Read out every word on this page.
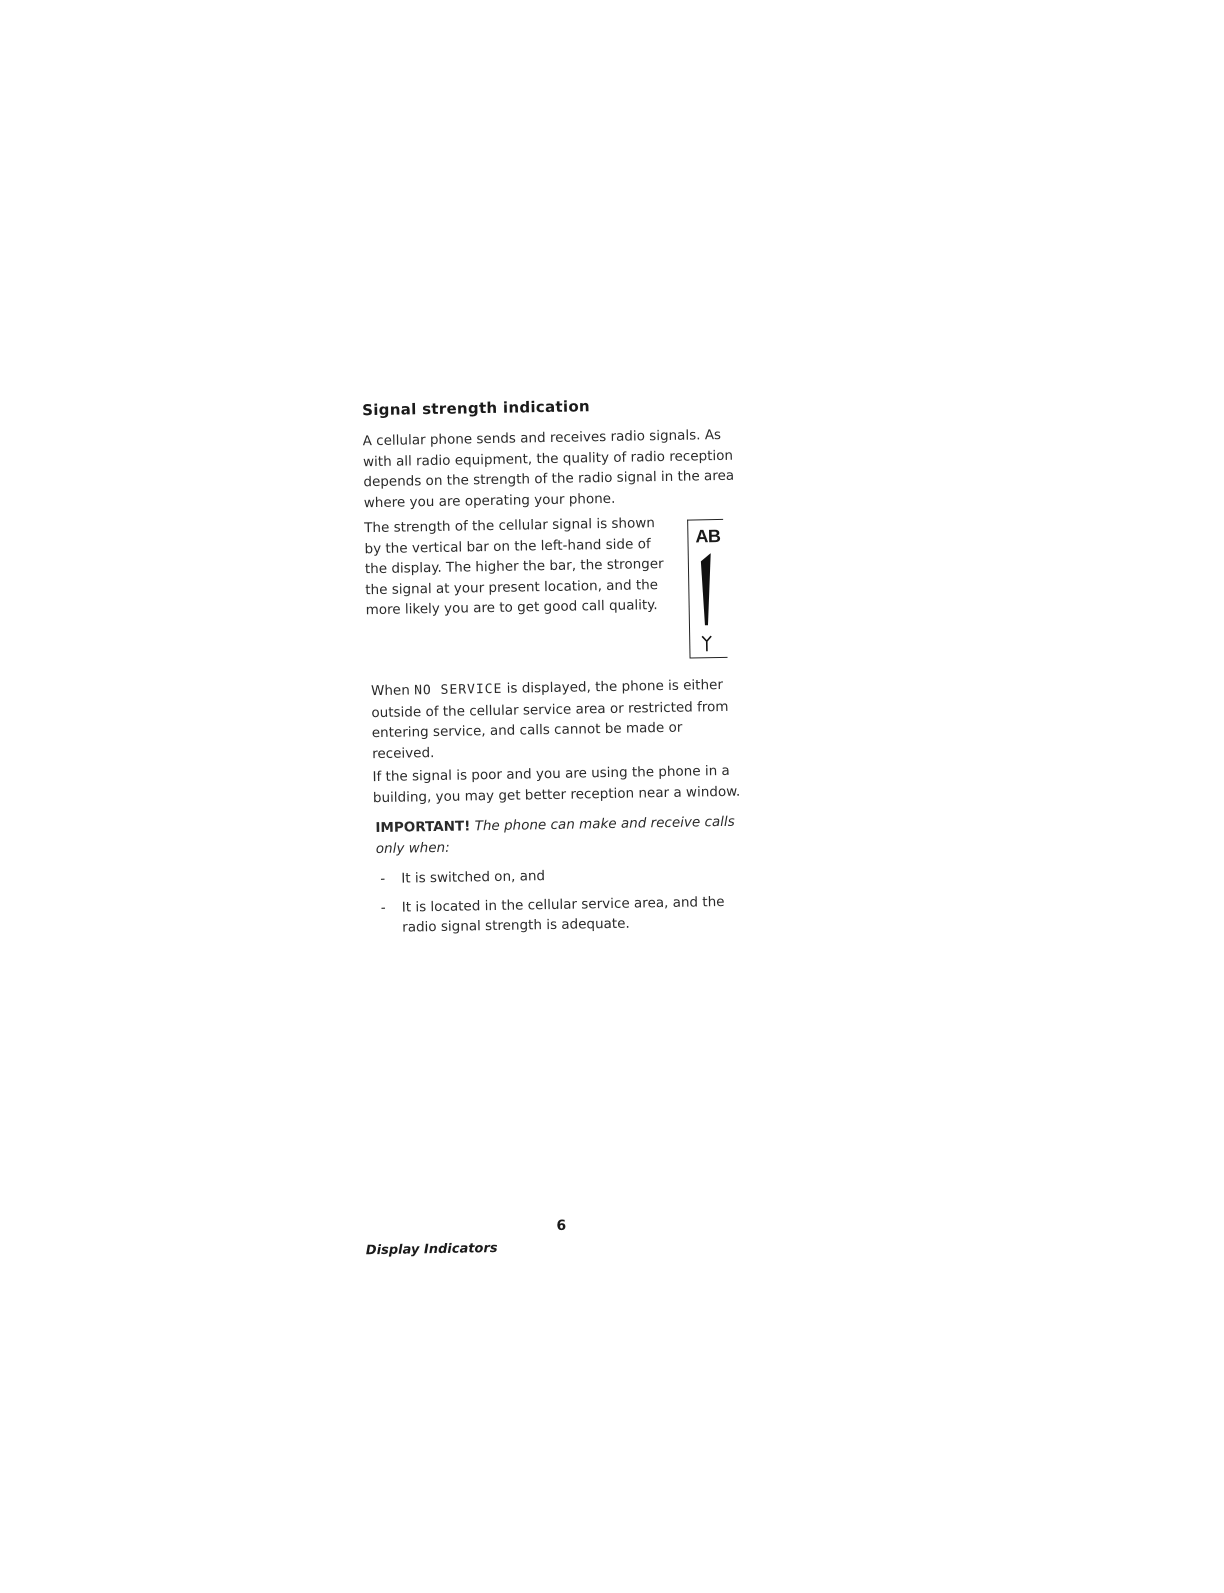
Signal strength indication

A cellular phone sends and receives radio signals. As with all radio equipment, the quality of radio reception depends on the strength of the radio signal in the area where you are operating your phone.

The strength of the cellular signal is shown by the vertical bar on the left-hand side of the display. The higher the bar, the stronger the signal at your present location, and the more likely you are to get good call quality.

AB

When NO SERVICE is displayed, the phone is either outside of the cellular service area or restricted from entering service, and calls cannot be made or received.

If the signal is poor and you are using the phone in a building, you may get better reception near a window.

IMPORTANT! The phone can make and receive calls only when:

- It is switched on, and
- It is located in the cellular service area, and the radio signal strength is adequate.
6
Display Indicators
